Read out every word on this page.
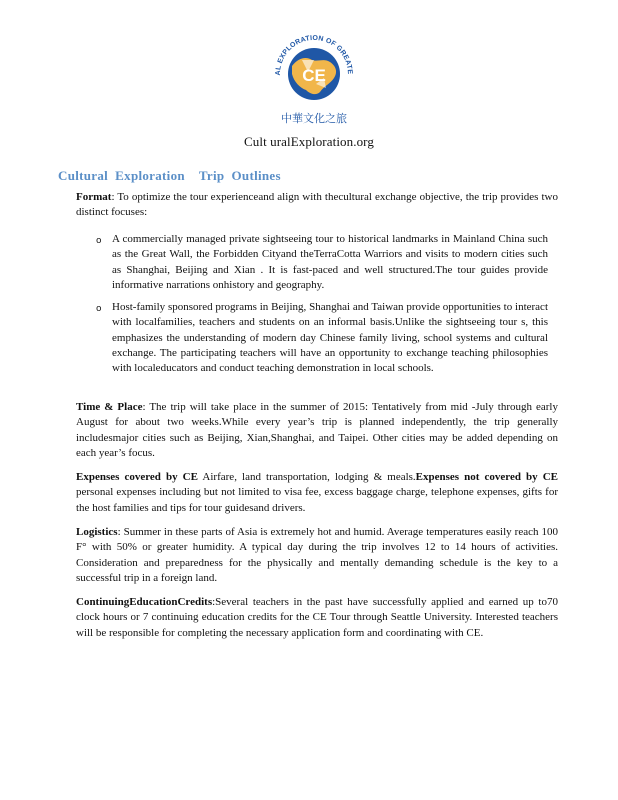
CE
AL EXPLORATION OF GREATE
中華文化之旅
Cult uralExploration.org
Cultural  Exploration    Trip  Outlines
Format: To optimize the tour experienceand align with thecultural exchange objective, the trip provides two distinct focuses:
o A commercially managed private sightseeing tour to historical landmarks in Mainland China such as the Great Wall, the Forbidden Cityand theTerraCotta Warriors and visits to modern cities such as Shanghai, Beijing and Xian . It is fast-paced and well structured.The tour guides provide informative narrations onhistory and geography.
o Host-family sponsored programs in Beijing, Shanghai and Taiwan provide opportunities to interact with localfamilies, teachers and students on an informal basis.Unlike the sightseeing tour s, this emphasizes the understanding of modern day Chinese family living, school systems and cultural exchange. The participating teachers will have an opportunity to exchange teaching philosophies with localeducators and conduct teaching demonstration in local schools.
Time & Place: The trip will take place in the summer of 2015: Tentatively from mid -July through early August for about two weeks.While every year’s trip is planned independently, the trip generally includesmajor cities such as Beijing, Xian,Shanghai, and Taipei. Other cities may be added depending on each year’s focus.
Expenses covered by CE Airfare, land transportation, lodging & meals.Expenses not covered by CE personal expenses including but not limited to visa fee, excess baggage charge, telephone expenses, gifts for the host families and tips for tour guidesand drivers.
Logistics: Summer in these parts of Asia is extremely hot and humid. Average temperatures easily reach 100 F° with 50% or greater humidity. A typical day during the trip involves 12 to 14 hours of activities. Consideration and preparedness for the physically and mentally demanding schedule is the key to a successful trip in a foreign land.
ContinuingEducationCredits:Several teachers in the past have successfully applied and earned up to70 clock hours or 7 continuing education credits for the CE Tour through Seattle University. Interested teachers will be responsible for completing the necessary application form and coordinating with CE.
